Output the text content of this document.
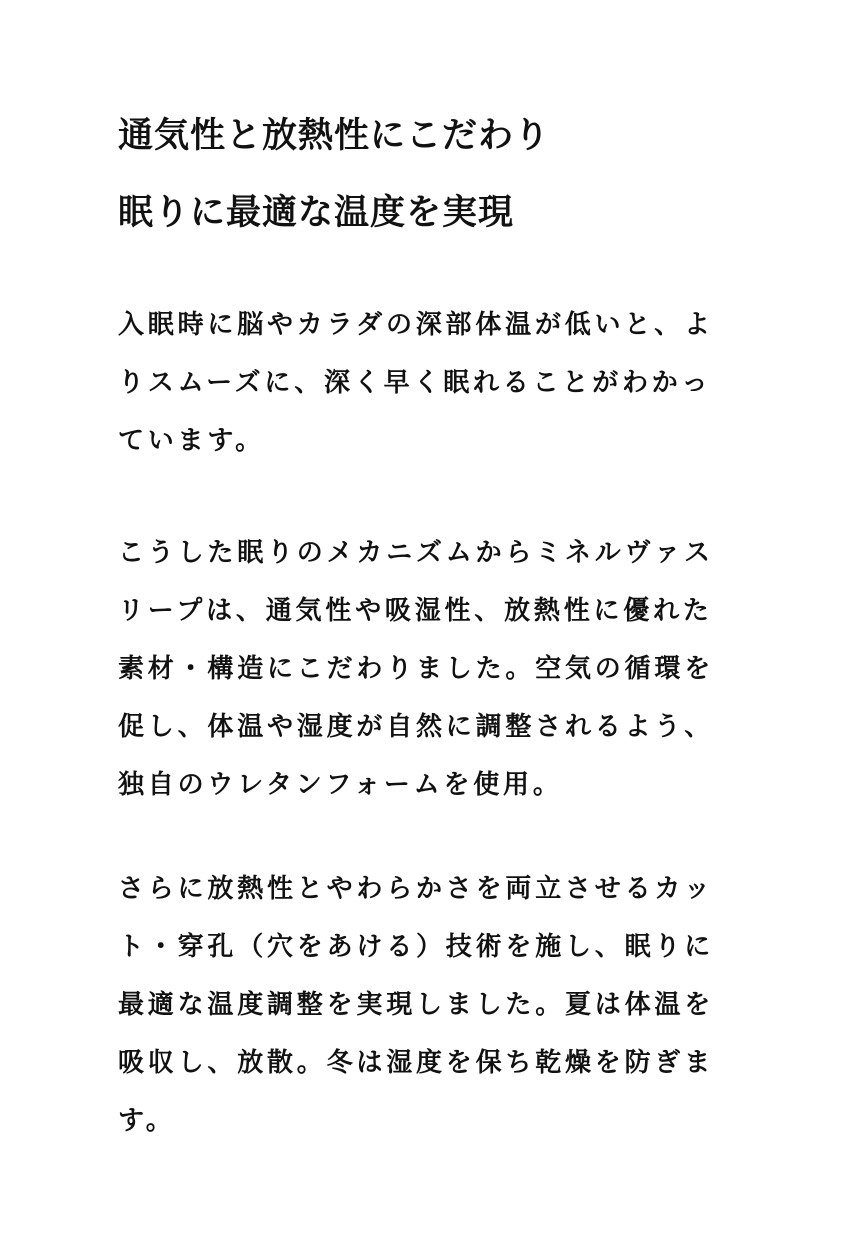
通気性と放熱性にこだわり
眠りに最適な温度を実現

入眠時に脳やカラダの深部体温が低いと、よ
りスムーズに、深く早く眠れることがわかっ
ています。

こうした眠りのメカニズムからミネルヴァス
リープは、通気性や吸湿性、放熱性に優れた
素材・構造にこだわりました。空気の循環を
促し、体温や湿度が自然に調整されるよう、
独自のウレタンフォームを使用。

さらに放熱性とやわらかさを両立させるカッ
ト・穿孔（穴をあける）技術を施し、眠りに
最適な温度調整を実現しました。夏は体温を
吸収し、放散。冬は湿度を保ち乾燥を防ぎま
す。
